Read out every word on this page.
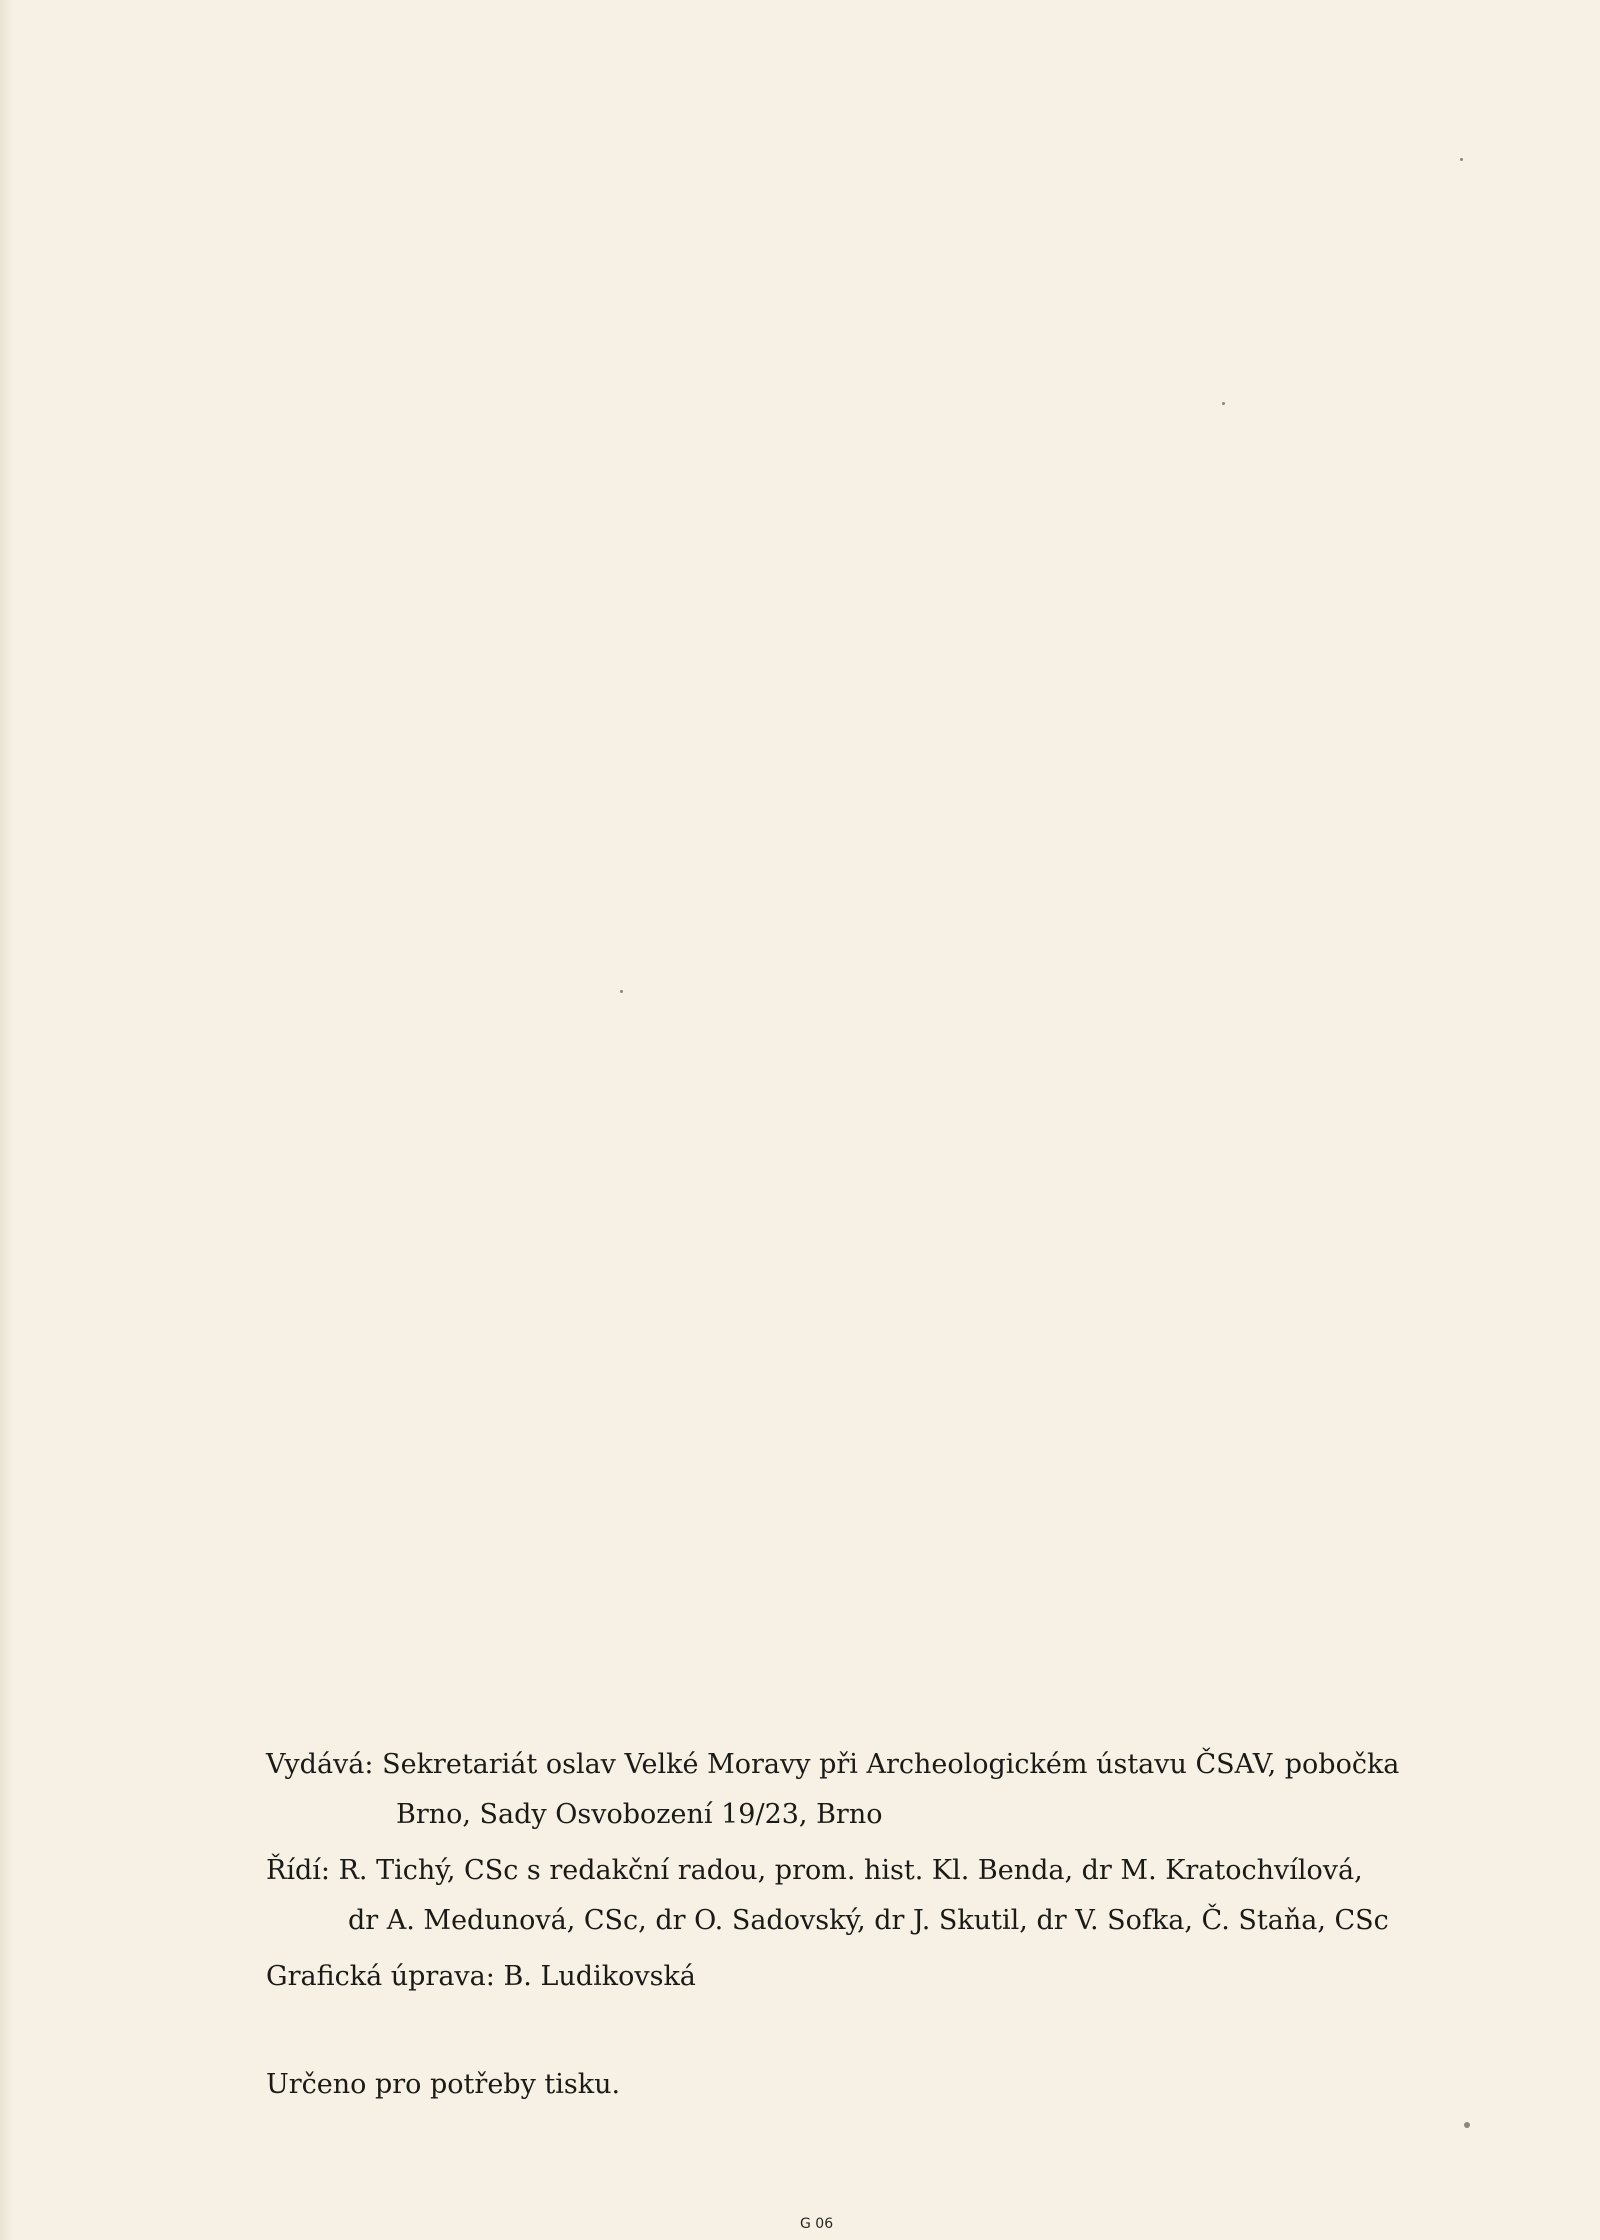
Vydává: Sekretariát oslav Velké Moravy při Archeologickém ústavu ČSAV, pobočka
Brno, Sady Osvobození 19/23, Brno
Řídí: R. Tichý, CSc s redakční radou, prom. hist. Kl. Benda, dr M. Kratochvílová,
dr A. Medunová, CSc, dr O. Sadovský, dr J. Skutil, dr V. Sofka, Č. Staňa, CSc
Grafická úprava: B. Ludikovská
Určeno pro potřeby tisku.
G 06
